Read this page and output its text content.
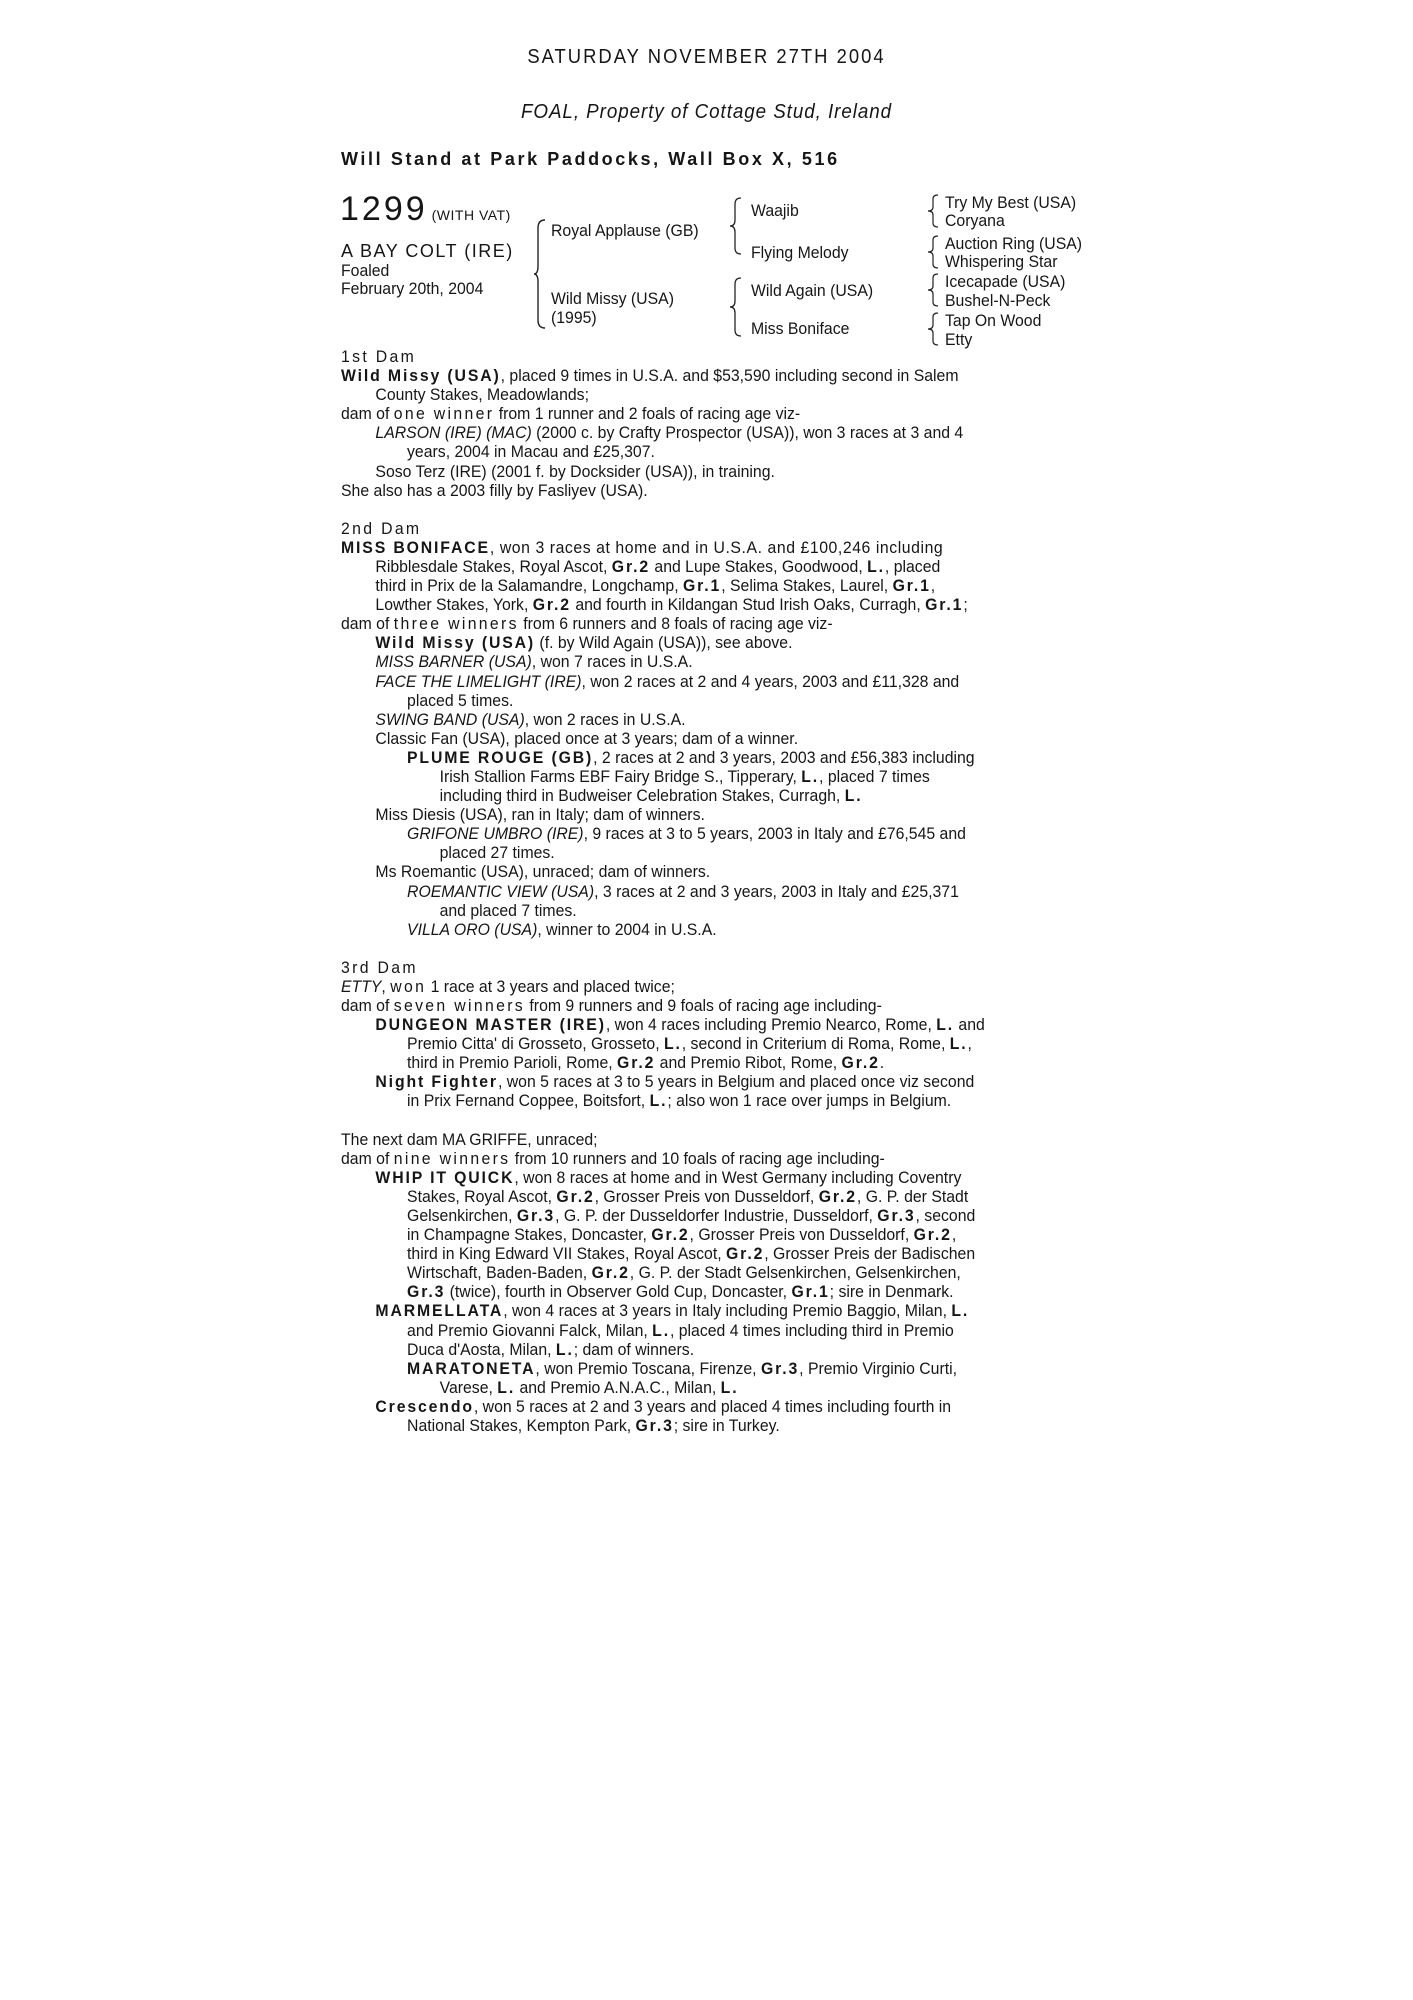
SATURDAY NOVEMBER 27TH 2004
FOAL, Property of Cottage Stud, Ireland
Will Stand at Park Paddocks, Wall Box X, 516
1299 (WITH VAT)
A BAY COLT (IRE)
Foaled
February 20th, 2004
Royal Applause (GB)
Wild Missy (USA)
(1995)
Waajib
Flying Melody
Wild Again (USA)
Miss Boniface
Try My Best (USA)
Coryana
Auction Ring (USA)
Whispering Star
Icecapade (USA)
Bushel-N-Peck
Tap On Wood
Etty
1st Dam
Wild Missy (USA), placed 9 times in U.S.A. and $53,590 including second in Salem
County Stakes, Meadowlands;
dam of one winner from 1 runner and 2 foals of racing age viz-
LARSON (IRE) (MAC) (2000 c. by Crafty Prospector (USA)), won 3 races at 3 and 4
years, 2004 in Macau and £25,307.
Soso Terz (IRE) (2001 f. by Docksider (USA)), in training.
She also has a 2003 filly by Fasliyev (USA).
2nd Dam
MISS BONIFACE, won 3 races at home and in U.S.A. and £100,246 including
Ribblesdale Stakes, Royal Ascot, Gr.2 and Lupe Stakes, Goodwood, L., placed
third in Prix de la Salamandre, Longchamp, Gr.1, Selima Stakes, Laurel, Gr.1,
Lowther Stakes, York, Gr.2 and fourth in Kildangan Stud Irish Oaks, Curragh, Gr.1;
dam of three winners from 6 runners and 8 foals of racing age viz-
Wild Missy (USA) (f. by Wild Again (USA)), see above.
MISS BARNER (USA), won 7 races in U.S.A.
FACE THE LIMELIGHT (IRE), won 2 races at 2 and 4 years, 2003 and £11,328 and
placed 5 times.
SWING BAND (USA), won 2 races in U.S.A.
Classic Fan (USA), placed once at 3 years; dam of a winner.
PLUME ROUGE (GB), 2 races at 2 and 3 years, 2003 and £56,383 including
Irish Stallion Farms EBF Fairy Bridge S., Tipperary, L., placed 7 times
including third in Budweiser Celebration Stakes, Curragh, L.
Miss Diesis (USA), ran in Italy; dam of winners.
GRIFONE UMBRO (IRE), 9 races at 3 to 5 years, 2003 in Italy and £76,545 and
placed 27 times.
Ms Roemantic (USA), unraced; dam of winners.
ROEMANTIC VIEW (USA), 3 races at 2 and 3 years, 2003 in Italy and £25,371
and placed 7 times.
VILLA ORO (USA), winner to 2004 in U.S.A.
3rd Dam
ETTY, won 1 race at 3 years and placed twice;
dam of seven winners from 9 runners and 9 foals of racing age including-
DUNGEON MASTER (IRE), won 4 races including Premio Nearco, Rome, L. and
Premio Citta' di Grosseto, Grosseto, L., second in Criterium di Roma, Rome, L.,
third in Premio Parioli, Rome, Gr.2 and Premio Ribot, Rome, Gr.2.
Night Fighter, won 5 races at 3 to 5 years in Belgium and placed once viz second
in Prix Fernand Coppee, Boitsfort, L.; also won 1 race over jumps in Belgium.
The next dam MA GRIFFE, unraced;
dam of nine winners from 10 runners and 10 foals of racing age including-
WHIP IT QUICK, won 8 races at home and in West Germany including Coventry
Stakes, Royal Ascot, Gr.2, Grosser Preis von Dusseldorf, Gr.2, G. P. der Stadt
Gelsenkirchen, Gr.3, G. P. der Dusseldorfer Industrie, Dusseldorf, Gr.3, second
in Champagne Stakes, Doncaster, Gr.2, Grosser Preis von Dusseldorf, Gr.2,
third in King Edward VII Stakes, Royal Ascot, Gr.2, Grosser Preis der Badischen
Wirtschaft, Baden-Baden, Gr.2, G. P. der Stadt Gelsenkirchen, Gelsenkirchen,
Gr.3 (twice), fourth in Observer Gold Cup, Doncaster, Gr.1; sire in Denmark.
MARMELLATA, won 4 races at 3 years in Italy including Premio Baggio, Milan, L.
and Premio Giovanni Falck, Milan, L., placed 4 times including third in Premio
Duca d'Aosta, Milan, L.; dam of winners.
MARATONETA, won Premio Toscana, Firenze, Gr.3, Premio Virginio Curti,
Varese, L. and Premio A.N.A.C., Milan, L.
Crescendo, won 5 races at 2 and 3 years and placed 4 times including fourth in
National Stakes, Kempton Park, Gr.3; sire in Turkey.
